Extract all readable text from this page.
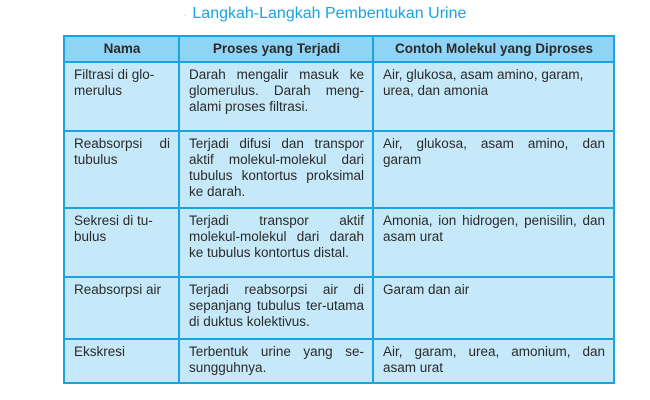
. Langkah-Langkah Pembentukan Urine
Nama	Proses yang Terjadi	Contoh Molekul yang Diproses
Filtrasi di glo-
merulus	Darah mengalir masuk ke glomerulus. Darah meng-alami proses filtrasi.	Air, glukosa, asam amino, garam, urea, dan amonia
Reabsorpsi di tubulus	Terjadi difusi dan transpor aktif molekul-molekul dari tubulus kontortus proksimal ke darah.	Air, glukosa, asam amino, dan garam
Sekresi di tu-
bulus	Terjadi transpor aktif molekul-molekul dari darah ke tubulus kontortus distal.	Amonia, ion hidrogen, penisilin, dan asam urat
Reabsorpsi air	Terjadi reabsorpsi air di sepanjang tubulus ter-utama di duktus kolektivus.	Garam dan air
Ekskresi	Terbentuk urine yang se-sungguhnya.	Air, garam, urea, amonium, dan asam urat
